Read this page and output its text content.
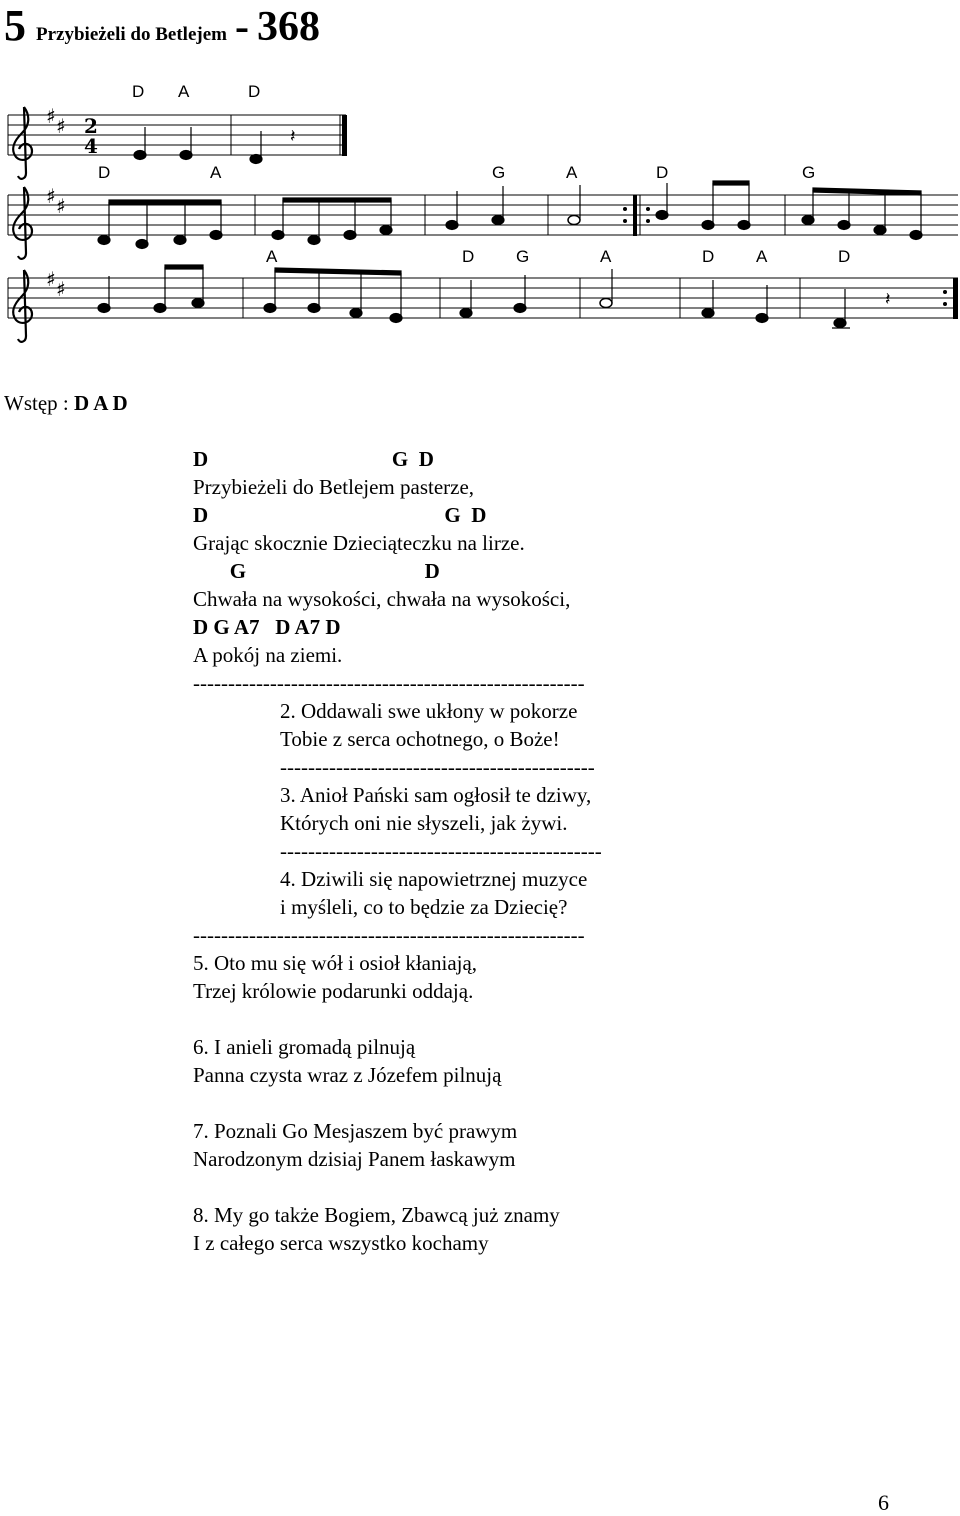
5 Przybieżeli do Betlejem - 368
♯ ♯
2
4	𝄽
D A	D
D	A	G	A	D	G
𝄽
A	D G	A	D A	D
Wstęp : D A D
D                                   G  D
Przybieżeli do Betlejem pasterze,
D                                             G  D
Grając skocznie Dzieciąteczku na lirze.
G                                  D
Chwała na wysokości, chwała na wysokości,
D G A7   D A7 D
A pokój na ziemi.
--------------------------------------------------------
2. Oddawali swe ukłony w pokorze
Tobie z serca ochotnego, o Boże!
---------------------------------------------
3. Anioł Pański sam ogłosił te dziwy,
Których oni nie słyszeli, jak żywi.
----------------------------------------------
4. Dziwili się napowietrznej muzyce
i myśleli, co to będzie za Dziecię?
--------------------------------------------------------
5. Oto mu się wół i osioł kłaniają,
Trzej królowie podarunki oddają.
6. I anieli gromadą pilnują
Panna czysta wraz z Józefem pilnują
7. Poznali Go Mesjaszem być prawym
Narodzonym dzisiaj Panem łaskawym
8. My go także Bogiem, Zbawcą już znamy
I z całego serca wszystko kochamy
6
